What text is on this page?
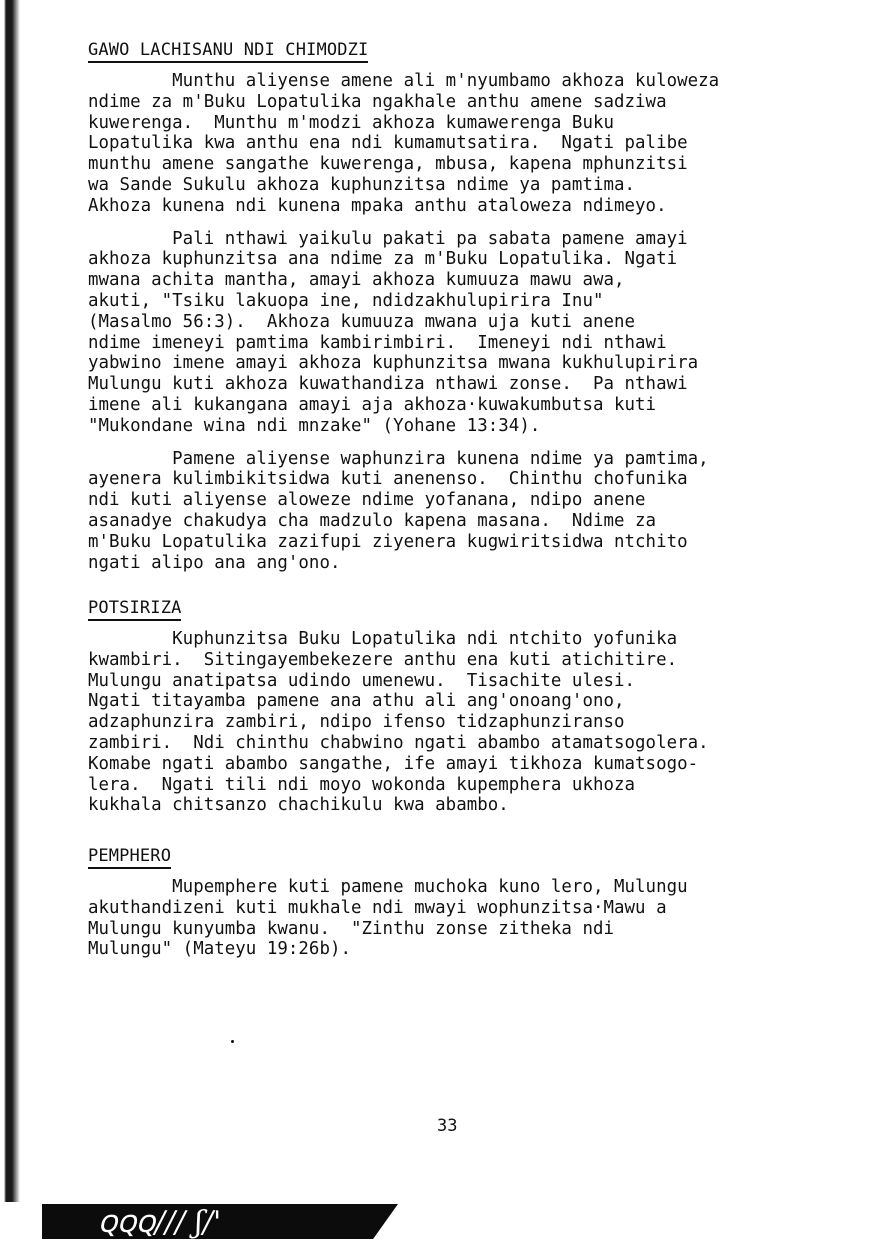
GAWO LACHISANU NDI CHIMODZI

Munthu aliyense amene ali m'nyumbamo akhoza kuloweza
ndime za m'Buku Lopatulika ngakhale anthu amene sadziwa
kuwerenga.  Munthu m'modzi akhoza kumawerenga Buku
Lopatulika kwa anthu ena ndi kumamutsatira.  Ngati palibe
munthu amene sangathe kuwerenga, mbusa, kapena mphunzitsi
wa Sande Sukulu akhoza kuphunzitsa ndime ya pamtima.
Akhoza kunena ndi kunena mpaka anthu ataloweza ndimeyo.

Pali nthawi yaikulu pakati pa sabata pamene amayi
akhoza kuphunzitsa ana ndime za m'Buku Lopatulika. Ngati
mwana achita mantha, amayi akhoza kumuuza mawu awa,
akuti, "Tsiku lakuopa ine, ndidzakhulupirira Inu"
(Masalmo 56:3).  Akhoza kumuuza mwana uja kuti anene
ndime imeneyi pamtima kambirimbiri.  Imeneyi ndi nthawi
yabwino imene amayi akhoza kuphunzitsa mwana kukhulupirira
Mulungu kuti akhoza kuwathandiza nthawi zonse.  Pa nthawi
imene ali kukangana amayi aja akhoza·kuwakumbutsa kuti
"Mukondane wina ndi mnzake" (Yohane 13:34).

Pamene aliyense waphunzira kunena ndime ya pamtima,
ayenera kulimbikitsidwa kuti anenenso.  Chinthu chofunika
ndi kuti aliyense aloweze ndime yofanana, ndipo anene
asanadye chakudya cha madzulo kapena masana.  Ndime za
m'Buku Lopatulika zazifupi ziyenera kugwiritsidwa ntchito
ngati alipo ana ang'ono.

POTSIRIZA

Kuphunzitsa Buku Lopatulika ndi ntchito yofunika
kwambiri.  Sitingayembekezere anthu ena kuti atichitire.
Mulungu anatipatsa udindo umenewu.  Tisachite ulesi.
Ngati titayamba pamene ana athu ali ang'onoang'ono,
adzaphunzira zambiri, ndipo ifenso tidzaphunziranso
zambiri.  Ndi chinthu chabwino ngati abambo atamatsogolera.
Komabe ngati abambo sangathe, ife amayi tikhoza kumatsogo-
lera.  Ngati tili ndi moyo wokonda kupemphera ukhoza
kukhala chitsanzo chachikulu kwa abambo.

PEMPHERO

Mupemphere kuti pamene muchoka kuno lero, Mulungu
akuthandizeni kuti mukhale ndi mwayi wophunzitsa·Mawu a
Mulungu kunyumba kwanu.  "Zinthu zonse zitheka ndi
Mulungu" (Mateyu 19:26b).

33
ꞯꞯꞯ/// ʃ/'
